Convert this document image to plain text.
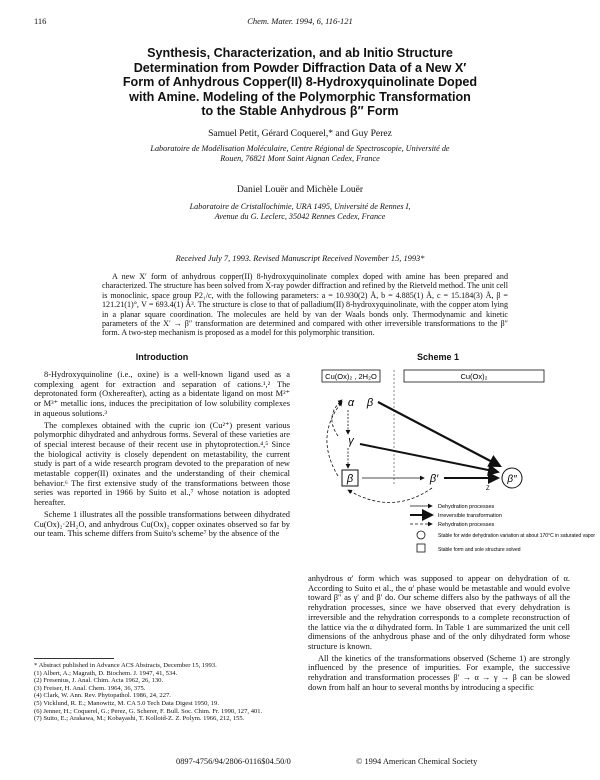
116	Chem. Mater. 1994, 6, 116-121
Synthesis, Characterization, and ab Initio Structure
Determination from Powder Diffraction Data of a New X′
Form of Anhydrous Copper(II) 8-Hydroxyquinolinate Doped
with Amine. Modeling of the Polymorphic Transformation
to the Stable Anhydrous β″ Form
Samuel Petit, Gérard Coquerel,* and Guy Perez
Laboratoire de Modélisation Moléculaire, Centre Régional de Spectroscopie, Université de
Rouen, 76821 Mont Saint Aignan Cedex, France
Daniel Louër and Michèle Louër
Laboratoire de Cristallochimie, URA 1495, Université de Rennes I,
Avenue du G. Leclerc, 35042 Rennes Cedex, France
Received July 7, 1993. Revised Manuscript Received November 15, 1993*

A new X′ form of anhydrous copper(II) 8-hydroxyquinolinate complex doped with amine has been prepared and characterized. The structure has been solved from X-ray powder diffraction and refined by the Rietveld method. The unit cell is monoclinic, space group P2₁/c, with the following parameters: a = 10.930(2) Å, b = 4.885(1) Å, c = 15.184(3) Å, β = 121.21(1)°, V = 693.4(1) Å³. The structure is close to that of palladium(II) 8-hydroxyquinolinate, with the copper atom lying in a planar square coordination. The molecules are held by van der Waals bonds only. Thermodynamic and kinetic parameters of the X′ → β″ transformation are determined and compared with other irreversible transformations to the β″ form. A two-step mechanism is proposed as a model for this polymorphic transition.

Introduction

8-Hydroxyquinoline (i.e., oxine) is a well-known ligand used as a complexing agent for extraction and separation of cations.¹,² The deprotonated form (Oxhereafter), acting as a bidentate ligand on most M²⁺ or M³⁺ metallic ions, induces the precipitation of low solubility complexes in aqueous solutions.³

The complexes obtained with the cupric ion (Cu²⁺) present various polymorphic dihydrated and anhydrous forms. Several of these varieties are of special interest because of their recent use in phytoprotection.⁴,⁵ Since the biological activity is closely dependent on metastability, the current study is part of a wide research program devoted to the preparation of new metastable copper(II) oxinates and the understanding of their chemical behavior.⁶ The first extensive study of the transformations between those series was reported in 1966 by Suito et al.,⁷ whose notation is adopted hereafter.

Scheme 1 illustrates all the possible transformations between dihydrated Cu(Ox)₂·2H₂O, and anhydrous Cu(Ox)₂ copper oxinates observed so far by our team. This scheme differs from Suito's scheme⁷ by the absence of the

* Abstract published in Advance ACS Abstracts, December 15, 1993.
(1) Albert, A.; Magrath, D. Biochem. J. 1947, 41, 534.
(2) Fresenius, J. Anal. Chim. Acta 1962, 26, 130.
(3) Freiser, H. Anal. Chem. 1964, 36, 375.
(4) Clark, W. Ann. Rev. Phytopathol. 1986, 24, 227.
(5) Vicklund, R. E.; Manowitz, M. CA 5.0 Tech Data Digest 1950, 19.
(6) Jenner, H.; Coquerel, G.; Perez, G. Scherer, F. Bull. Soc. Chim. Fr. 1990, 127, 401.
(7) Suito, E.; Arakawa, M.; Kobayashi, T. Kolloid-Z. Z. Polym. 1966, 212, 155.
Scheme 1
Cu(Ox)₂ , 2H₂O	Cu(Ox)₂
α β
γ
β	β′	β″
Z
Dehydration processes
Irreversible transformation
Rehydration processes
Stable for wide dehydration variation at about 170°C in saturated vapor
Stable form and sole structure solved

anhydrous α′ form which was supposed to appear on dehydration of α. According to Suito et al., the α′ phase would be metastable and would evolve toward β″ as γ′ and β′ do. Our scheme differs also by the pathways of all the rehydration processes, since we have observed that every dehydration is irreversible and the rehydration corresponds to a complete reconstruction of the lattice via the α dihydrated form. In Table 1 are summarized the unit cell dimensions of the anhydrous phase and of the only dihydrated form whose structure is known.

All the kinetics of the transformations observed (Scheme 1) are strongly influenced by the presence of impurities. For example, the successive rehydration and transformation processes β′ → α → γ → β can be slowed down from half an hour to several months by introducing a specific

0897-4756/94/2806-0116$04.50/0	© 1994 American Chemical Society
